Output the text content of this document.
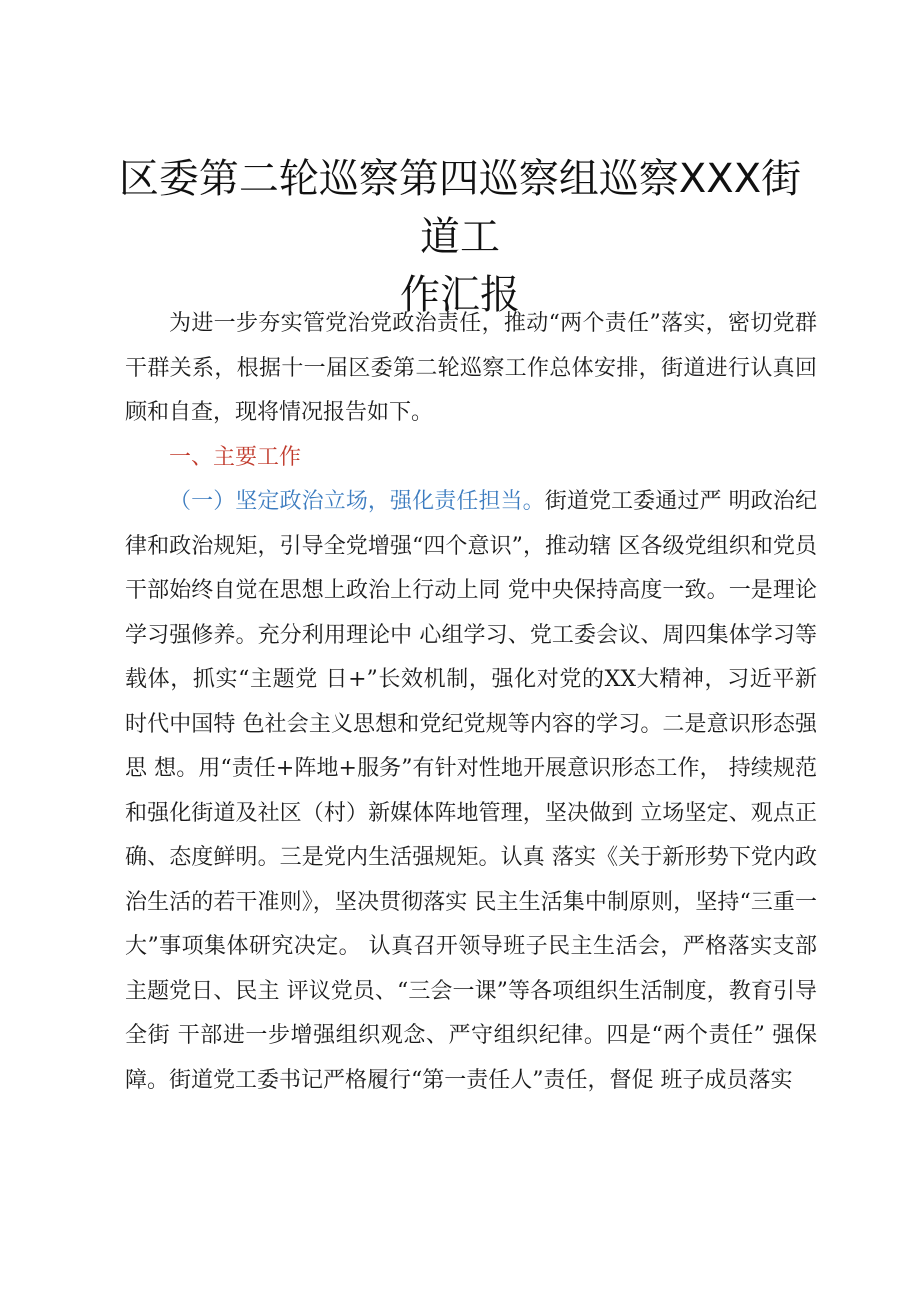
区委第二轮巡察第四巡察组巡察XXX街道工
作汇报

为进一步夯实管党治党政治责任，推动“两个责任”落实，密切党群干群关系，根据十一届区委第二轮巡察工作总体安排，街道进行认真回顾和自查，现将情况报告如下。

一、主要工作

（一）坚定政治立场，强化责任担当。街道党工委通过严 明政治纪律和政治规矩，引导全党增强“四个意识”，推动辖 区各级党组织和党员干部始终自觉在思想上政治上行动上同 党中央保持高度一致。一是理论学习强修养。充分利用理论中 心组学习、党工委会议、周四集体学习等载体，抓实“主题党 日+”长效机制，强化对党的XX大精神，习近平新时代中国特 色社会主义思想和党纪党规等内容的学习。二是意识形态强思 想。用“责任+阵地+服务”有针对性地开展意识形态工作， 持续规范和强化街道及社区（村）新媒体阵地管理，坚决做到 立场坚定、观点正确、态度鲜明。三是党内生活强规矩。认真 落实《关于新形势下党内政治生活的若干准则》，坚决贯彻落实 民主生活集中制原则，坚持“三重一大”事项集体研究决定。 认真召开领导班子民主生活会，严格落实支部主题党日、民主 评议党员、“三会一课”等各项组织生活制度，教育引导全街 干部进一步增强组织观念、严守组织纪律。四是“两个责任” 强保障。街道党工委书记严格履行“第一责任人”责任，督促 班子成员落实
